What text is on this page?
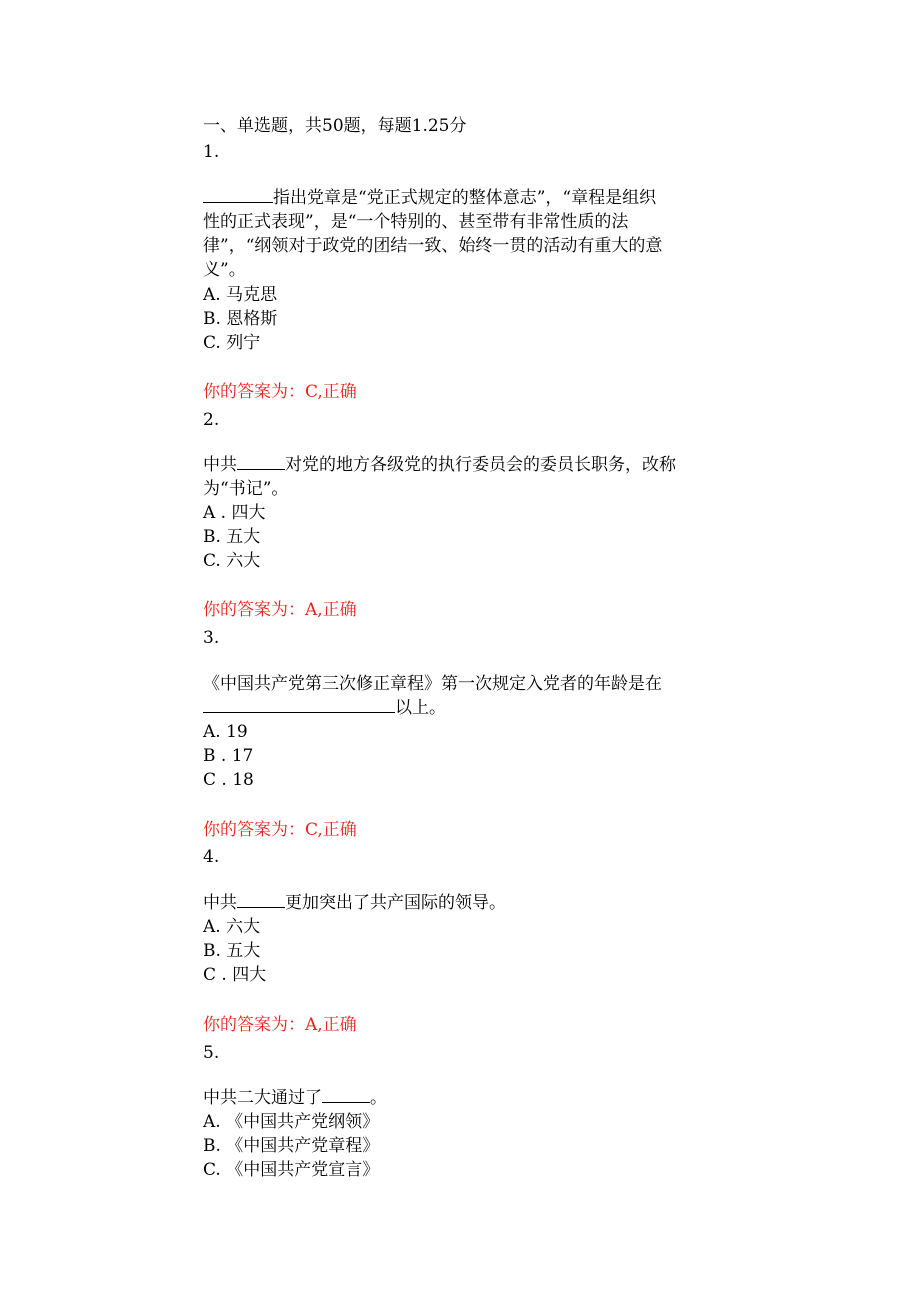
一、单选题，共50题，每题1.25分
1.
指出党章是“党正式规定的整体意志”，“章程是组织
性的正式表现”，是“一个特别的、甚至带有非常性质的法
律”，“纲领对于政党的团结一致、始终一贯的活动有重大的意
义”。
A. 马克思
B. 恩格斯
C. 列宁
你的答案为：C,正确
2.
中共	对党的地方各级党的执行委员会的委员长职务，改称
为“书记”。
A . 四大
B. 五大
C. 六大
你的答案为：A,正确
3.
《中国共产党第三次修正章程》第一次规定入党者的年龄是在
以上。
A. 19
B . 17
C . 18
你的答案为：C,正确
4.
中共	更加突出了共产国际的领导。
A. 六大
B. 五大
C . 四大
你的答案为：A,正确
5.
中共二大通过了	。
A. 《中国共产党纲领》
B. 《中国共产党章程》
C. 《中国共产党宣言》
